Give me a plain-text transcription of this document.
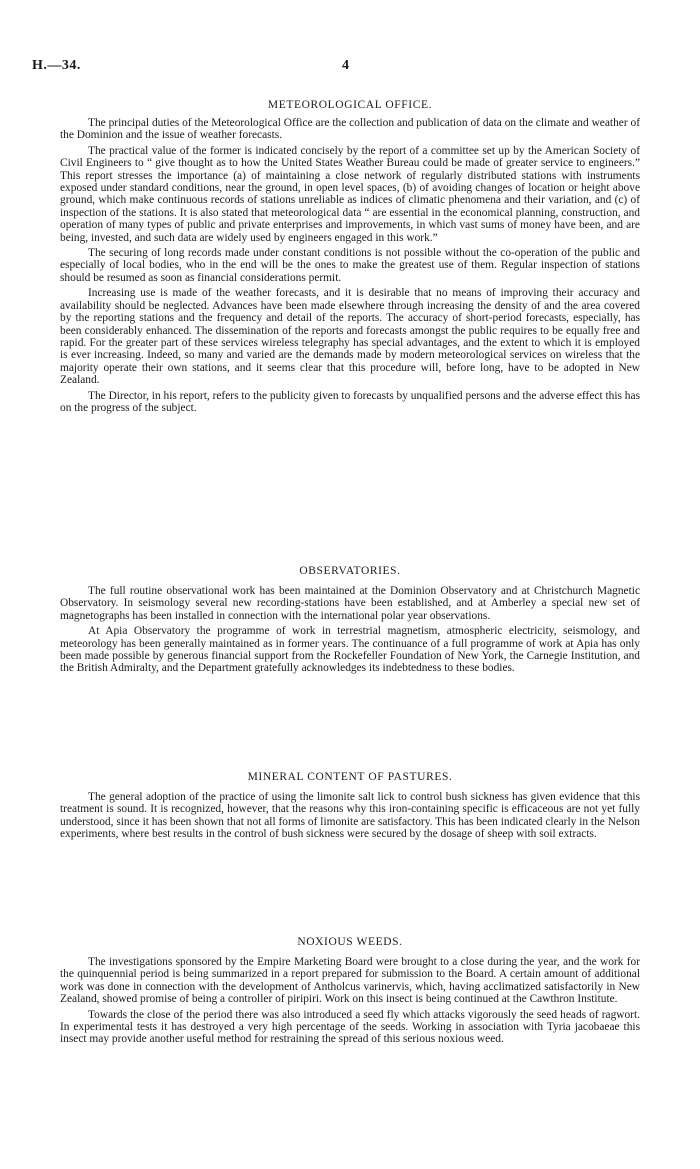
H.—34.	4
METEOROLOGICAL OFFICE.

The principal duties of the Meteorological Office are the collection and publication of data on the climate and weather of the Dominion and the issue of weather forecasts.

The practical value of the former is indicated concisely by the report of a committee set up by the American Society of Civil Engineers to “ give thought as to how the United States Weather Bureau could be made of greater service to engineers.” This report stresses the importance (a) of maintaining a close network of regularly distributed stations with instruments exposed under standard conditions, near the ground, in open level spaces, (b) of avoiding changes of location or height above ground, which make continuous records of stations unreliable as indices of climatic phenomena and their variation, and (c) of inspection of the stations. It is also stated that meteorological data “ are essential in the economical planning, construction, and operation of many types of public and private enterprises and improvements, in which vast sums of money have been, and are being, invested, and such data are widely used by engineers engaged in this work.”

The securing of long records made under constant conditions is not possible without the co-operation of the public and especially of local bodies, who in the end will be the ones to make the greatest use of them. Regular inspection of stations should be resumed as soon as financial considerations permit.

Increasing use is made of the weather forecasts, and it is desirable that no means of improving their accuracy and availability should be neglected. Advances have been made elsewhere through increasing the density of and the area covered by the reporting stations and the frequency and detail of the reports. The accuracy of short-period forecasts, especially, has been considerably enhanced. The dissemination of the reports and forecasts amongst the public requires to be equally free and rapid. For the greater part of these services wireless telegraphy has special advantages, and the extent to which it is employed is ever increasing. Indeed, so many and varied are the demands made by modern meteorological services on wireless that the majority operate their own stations, and it seems clear that this procedure will, before long, have to be adopted in New Zealand.

The Director, in his report, refers to the publicity given to forecasts by unqualified persons and the adverse effect this has on the progress of the subject.

OBSERVATORIES.

The full routine observational work has been maintained at the Dominion Observatory and at Christchurch Magnetic Observatory. In seismology several new recording-stations have been established, and at Amberley a special new set of magnetographs has been installed in connection with the international polar year observations.

At Apia Observatory the programme of work in terrestrial magnetism, atmospheric electricity, seismology, and meteorology has been generally maintained as in former years. The continuance of a full programme of work at Apia has only been made possible by generous financial support from the Rockefeller Foundation of New York, the Carnegie Institution, and the British Admiralty, and the Department gratefully acknowledges its indebtedness to these bodies.

MINERAL CONTENT OF PASTURES.

The general adoption of the practice of using the limonite salt lick to control bush sickness has given evidence that this treatment is sound. It is recognized, however, that the reasons why this iron-containing specific is efficaceous are not yet fully understood, since it has been shown that not all forms of limonite are satisfactory. This has been indicated clearly in the Nelson experiments, where best results in the control of bush sickness were secured by the dosage of sheep with soil extracts.

NOXIOUS WEEDS.

The investigations sponsored by the Empire Marketing Board were brought to a close during the year, and the work for the quinquennial period is being summarized in a report prepared for submission to the Board. A certain amount of additional work was done in connection with the development of Antholcus varinervis, which, having acclimatized satisfactorily in New Zealand, showed promise of being a controller of piripiri. Work on this insect is being continued at the Cawthron Institute.

Towards the close of the period there was also introduced a seed fly which attacks vigorously the seed heads of ragwort. In experimental tests it has destroyed a very high percentage of the seeds. Working in association with Tyria jacobaeae this insect may provide another useful method for restraining the spread of this serious noxious weed.
